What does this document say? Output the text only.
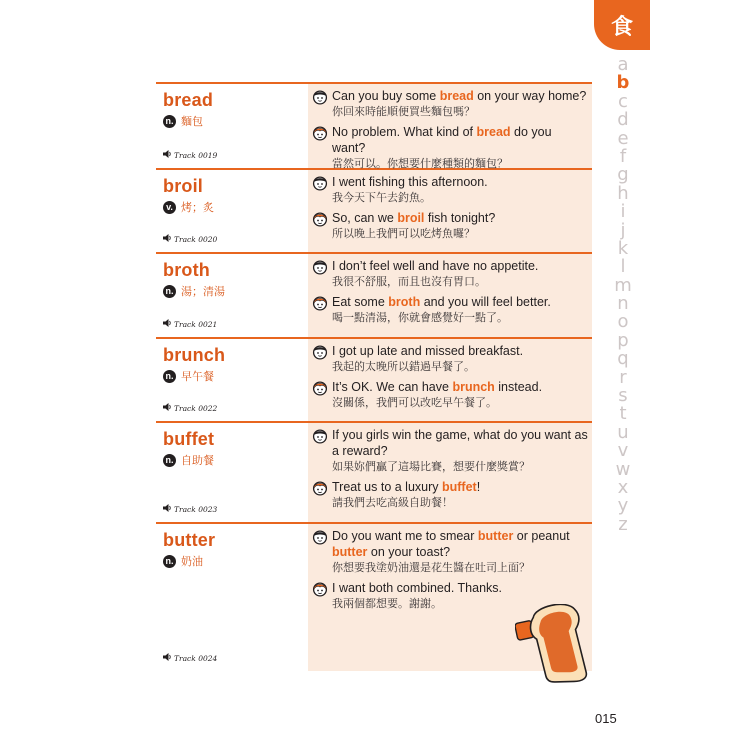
食
a
b
c
d
e
f
g
h
i
j
k
l
m
n
o
p
q
r
s
t
u
v
w
x
y
z
bread
n. 麵包
Track 0019
Can you buy some bread on your way home?
你回來時能順便買些麵包嗎？
No problem. What kind of bread do you want?
當然可以。你想要什麼種類的麵包？
broil
v. 烤；炙
Track 0020
I went fishing this afternoon.
我今天下午去釣魚。
So, can we broil fish tonight?
所以晚上我們可以吃烤魚囉？
broth
n. 湯；清湯
Track 0021
I don’t feel well and have no appetite.
我很不舒服，而且也沒有胃口。
Eat some broth and you will feel better.
喝一點清湯，你就會感覺好一點了。
brunch
n. 早午餐
Track 0022
I got up late and missed breakfast.
我起的太晚所以錯過早餐了。
It’s OK. We can have brunch instead.
沒關係，我們可以改吃早午餐了。
buffet
n. 自助餐
Track 0023
If you girls win the game, what do you want as a reward?
如果妳們贏了這場比賽，想要什麼獎賞？
Treat us to a luxury buffet!
請我們去吃高級自助餐！
butter
n. 奶油
Track 0024
Do you want me to smear butter or peanut butter on your toast?
你想要我塗奶油還是花生醬在吐司上面？
I want both combined. Thanks.
我兩個都想要。謝謝。
015
